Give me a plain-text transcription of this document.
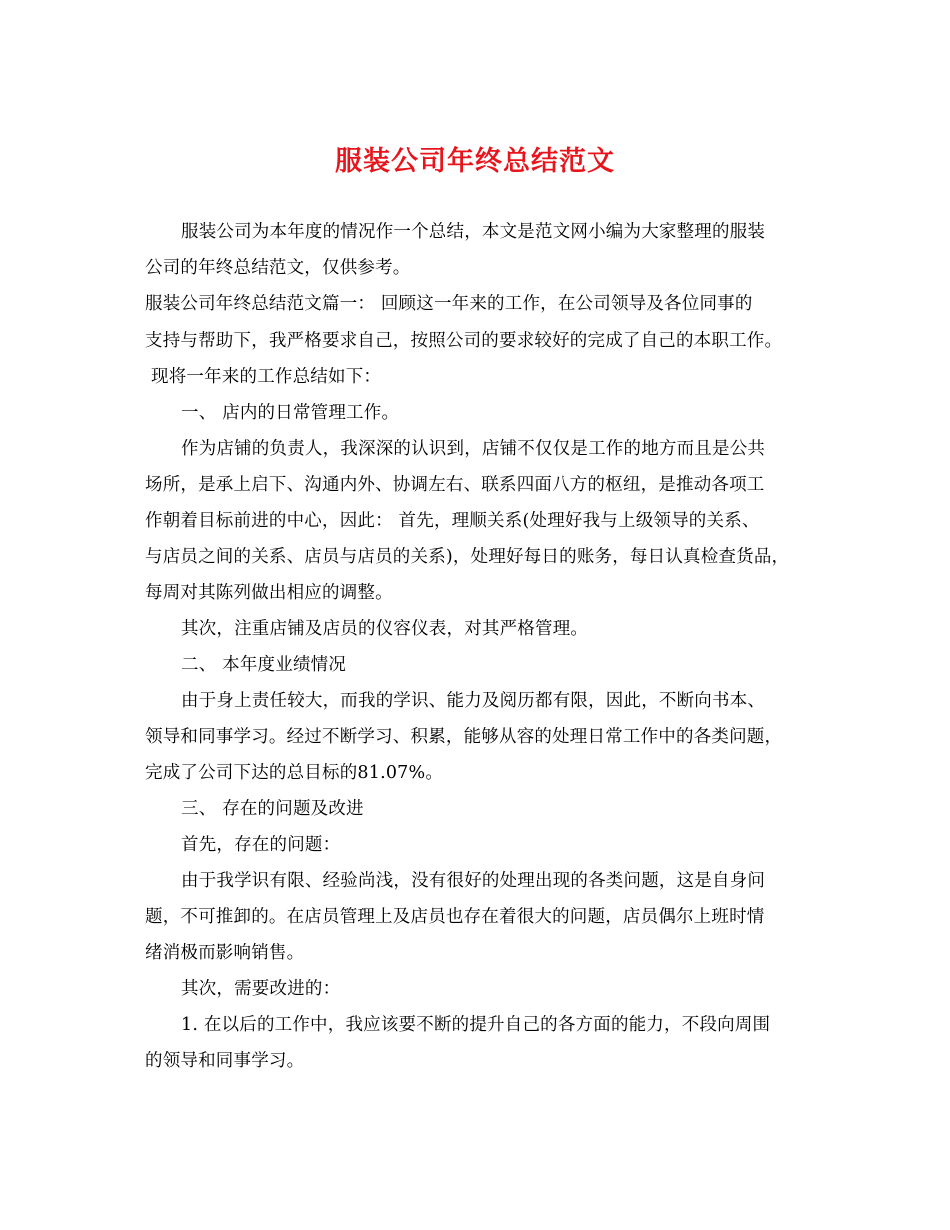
服装公司年终总结范文
服装公司为本年度的情况作一个总结，本文是范文网小编为大家整理的服装
公司的年终总结范文，仅供参考。
服装公司年终总结范文篇一： 回顾这一年来的工作，在公司领导及各位同事的
支持与帮助下，我严格要求自己，按照公司的要求较好的完成了自己的本职工作。
现将一年来的工作总结如下：
一、 店内的日常管理工作。
作为店铺的负责人，我深深的认识到，店铺不仅仅是工作的地方而且是公共
场所，是承上启下、沟通内外、协调左右、联系四面八方的枢纽，是推动各项工
作朝着目标前进的中心，因此： 首先，理顺关系(处理好我与上级领导的关系、
与店员之间的关系、店员与店员的关系)，处理好每日的账务，每日认真检查货品，
每周对其陈列做出相应的调整。
其次，注重店铺及店员的仪容仪表，对其严格管理。
二、 本年度业绩情况
由于身上责任较大，而我的学识、能力及阅历都有限，因此，不断向书本、
领导和同事学习。经过不断学习、积累，能够从容的处理日常工作中的各类问题，
完成了公司下达的总目标的81.07%。
三、 存在的问题及改进
首先，存在的问题：
由于我学识有限、经验尚浅，没有很好的处理出现的各类问题，这是自身问
题，不可推卸的。在店员管理上及店员也存在着很大的问题，店员偶尔上班时情
绪消极而影响销售。
其次，需要改进的：
1. 在以后的工作中，我应该要不断的提升自己的各方面的能力，不段向周围
的领导和同事学习。
